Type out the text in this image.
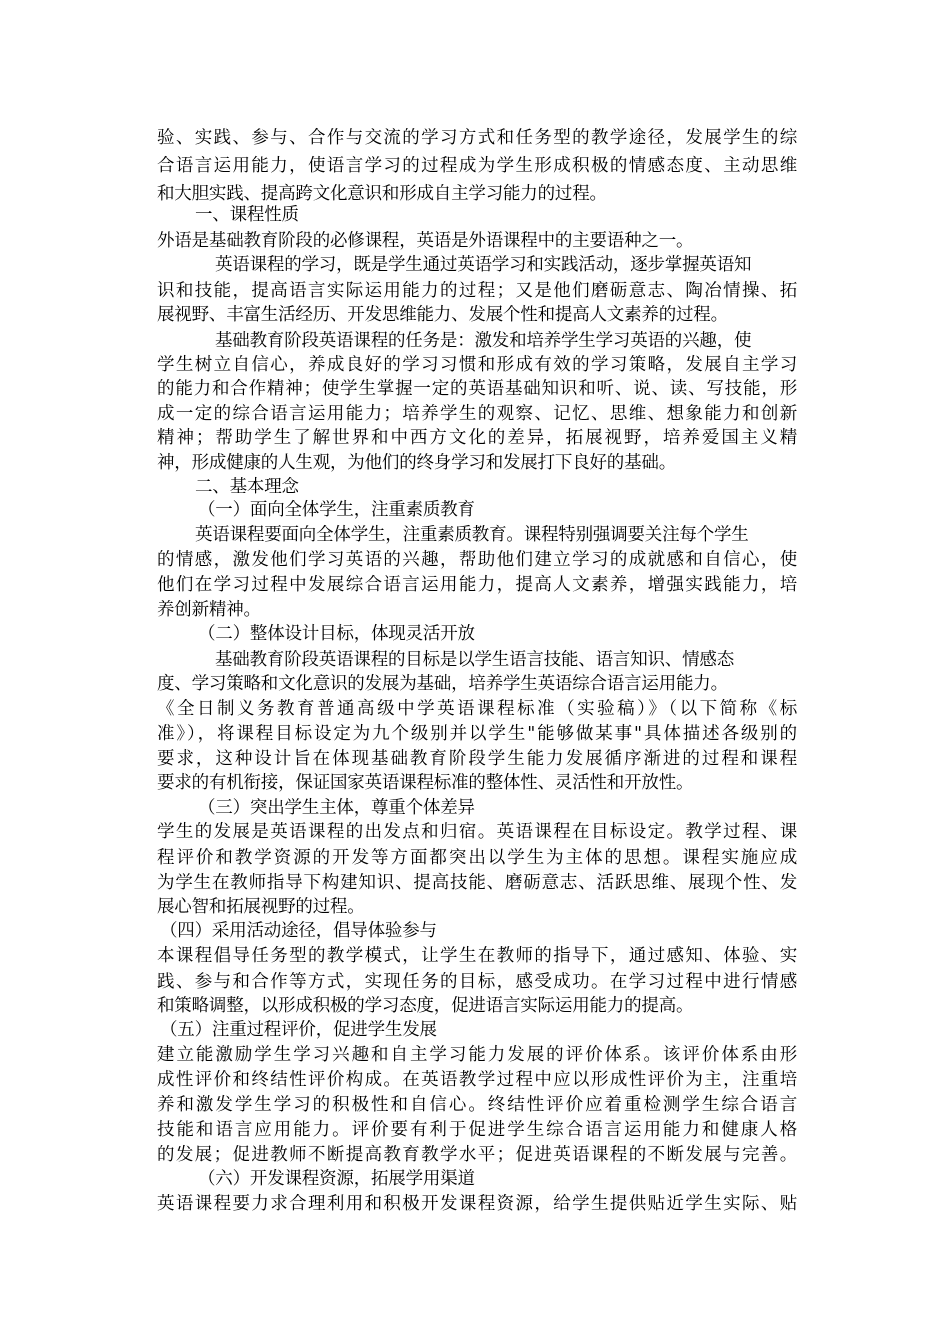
验、实践、参与、合作与交流的学习方式和任务型的教学途径，发展学生的综
合语言运用能力，使语言学习的过程成为学生形成积极的情感态度、主动思维
和大胆实践、提高跨文化意识和形成自主学习能力的过程。
一、课程性质
外语是基础教育阶段的必修课程，英语是外语课程中的主要语种之一。
英语课程的学习，既是学生通过英语学习和实践活动，逐步掌握英语知
识和技能，提高语言实际运用能力的过程；又是他们磨砺意志、陶冶情操、拓
展视野、丰富生活经历、开发思维能力、发展个性和提高人文素养的过程。
基础教育阶段英语课程的任务是：激发和培养学生学习英语的兴趣，使
学生树立自信心，养成良好的学习习惯和形成有效的学习策略，发展自主学习
的能力和合作精神；使学生掌握一定的英语基础知识和听、说、读、写技能，形
成一定的综合语言运用能力；培养学生的观察、记忆、思维、想象能力和创新
精神；帮助学生了解世界和中西方文化的差异，拓展视野，培养爱国主义精
神，形成健康的人生观，为他们的终身学习和发展打下良好的基础。
二、基本理念
（一）面向全体学生，注重素质教育
英语课程要面向全体学生，注重素质教育。课程特别强调要关注每个学生
的情感，激发他们学习英语的兴趣，帮助他们建立学习的成就感和自信心，使
他们在学习过程中发展综合语言运用能力，提高人文素养，增强实践能力，培
养创新精神。
（二）整体设计目标，体现灵活开放
基础教育阶段英语课程的目标是以学生语言技能、语言知识、情感态
度、学习策略和文化意识的发展为基础，培养学生英语综合语言运用能力。
《全日制义务教育普通高级中学英语课程标准（实验稿）》（以下简称《标
准》），将课程目标设定为九个级别并以学生"能够做某事"具体描述各级别的
要求，这种设计旨在体现基础教育阶段学生能力发展循序渐进的过程和课程
要求的有机衔接，保证国家英语课程标准的整体性、灵活性和开放性。
（三）突出学生主体，尊重个体差异
学生的发展是英语课程的出发点和归宿。英语课程在目标设定。教学过程、课
程评价和教学资源的开发等方面都突出以学生为主体的思想。课程实施应成
为学生在教师指导下构建知识、提高技能、磨砺意志、活跃思维、展现个性、发
展心智和拓展视野的过程。
（四）采用活动途径，倡导体验参与
本课程倡导任务型的教学模式，让学生在教师的指导下，通过感知、体验、实
践、参与和合作等方式，实现任务的目标，感受成功。在学习过程中进行情感
和策略调整，以形成积极的学习态度，促进语言实际运用能力的提高。
（五）注重过程评价，促进学生发展
建立能激励学生学习兴趣和自主学习能力发展的评价体系。该评价体系由形
成性评价和终结性评价构成。在英语教学过程中应以形成性评价为主，注重培
养和激发学生学习的积极性和自信心。终结性评价应着重检测学生综合语言
技能和语言应用能力。评价要有利于促进学生综合语言运用能力和健康人格
的发展；促进教师不断提高教育教学水平；促进英语课程的不断发展与完善。
（六）开发课程资源，拓展学用渠道
英语课程要力求合理利用和积极开发课程资源，给学生提供贴近学生实际、贴
